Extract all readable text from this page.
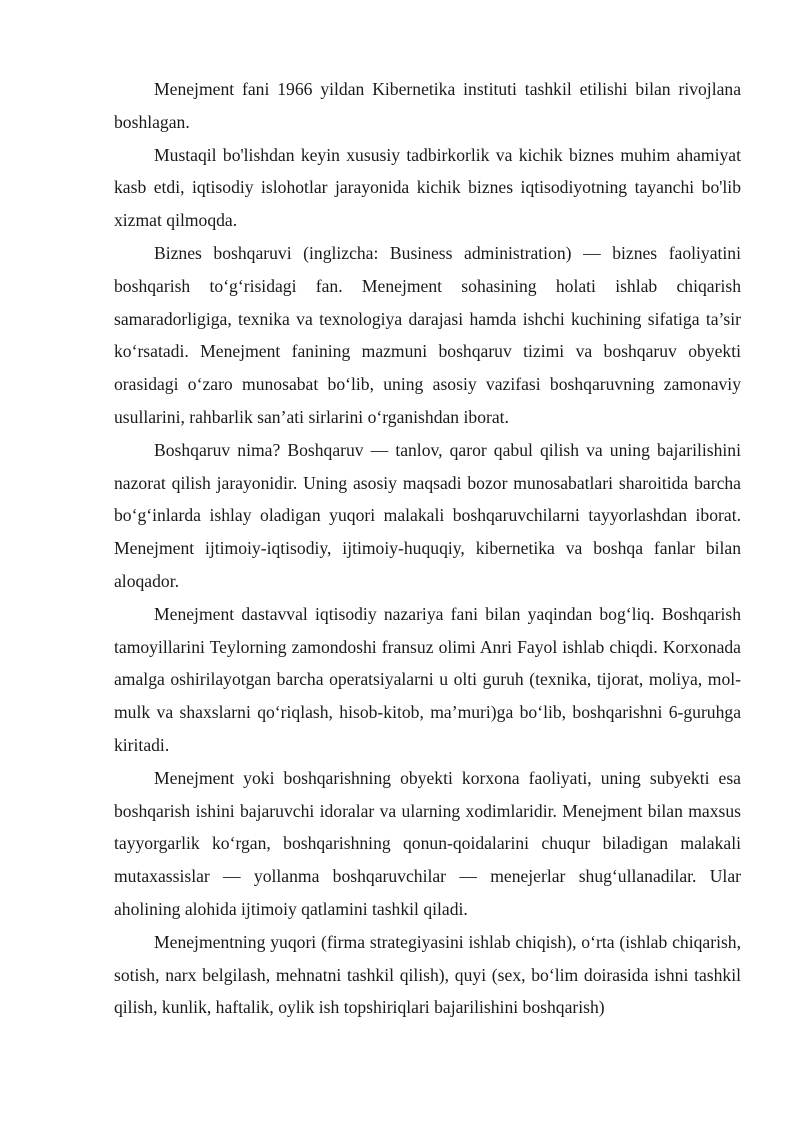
Menejment fani 1966 yildan Kibernetika instituti tashkil etilishi bilan rivojlana boshlagan.

Mustaqil bo'lishdan keyin xususiy tadbirkorlik va kichik biznes muhim ahamiyat kasb etdi, iqtisodiy islohotlar jarayonida kichik biznes iqtisodiyotning tayanchi bo'lib xizmat qilmoqda.

Biznes boshqaruvi (inglizcha: Business administration) — biznes faoliyatini boshqarish to‘g‘risidagi fan. Menejment sohasining holati ishlab chiqarish samaradorligiga, texnika va texnologiya darajasi hamda ishchi kuchining sifatiga ta’sir ko‘rsatadi. Menejment fanining mazmuni boshqaruv tizimi va boshqaruv obyekti orasidagi o‘zaro munosabat bo‘lib, uning asosiy vazifasi boshqaruvning zamonaviy usullarini, rahbarlik san’ati sirlarini o‘rganishdan iborat.

Boshqaruv nima? Boshqaruv — tanlov, qaror qabul qilish va uning bajarilishini nazorat qilish jarayonidir. Uning asosiy maqsadi bozor munosabatlari sharoitida barcha bo‘g‘inlarda ishlay oladigan yuqori malakali boshqaruvchilarni tayyorlashdan iborat. Menejment ijtimoiy-iqtisodiy, ijtimoiy-huquqiy, kibernetika va boshqa fanlar bilan aloqador.

Menejment dastavval iqtisodiy nazariya fani bilan yaqindan bog‘liq. Boshqarish tamoyillarini Teylorning zamondoshi fransuz olimi Anri Fayol ishlab chiqdi. Korxonada amalga oshirilayotgan barcha operatsiyalarni u olti guruh (texnika, tijorat, moliya, mol-mulk va shaxslarni qo‘riqlash, hisob-kitob, ma’muri)ga bo‘lib, boshqarishni 6-guruhga kiritadi.

Menejment yoki boshqarishning obyekti korxona faoliyati, uning subyekti esa boshqarish ishini bajaruvchi idoralar va ularning xodimlaridir. Menejment bilan maxsus tayyorgarlik ko‘rgan, boshqarishning qonun-qoidalarini chuqur biladigan malakali mutaxassislar — yollanma boshqaruvchilar — menejerlar shug‘ullanadilar. Ular aholining alohida ijtimoiy qatlamini tashkil qiladi.

Menejmentning yuqori (firma strategiyasini ishlab chiqish), o‘rta (ishlab chiqarish, sotish, narx belgilash, mehnatni tashkil qilish), quyi (sex, bo‘lim doirasida ishni tashkil qilish, kunlik, haftalik, oylik ish topshiriqlari bajarilishini boshqarish)
